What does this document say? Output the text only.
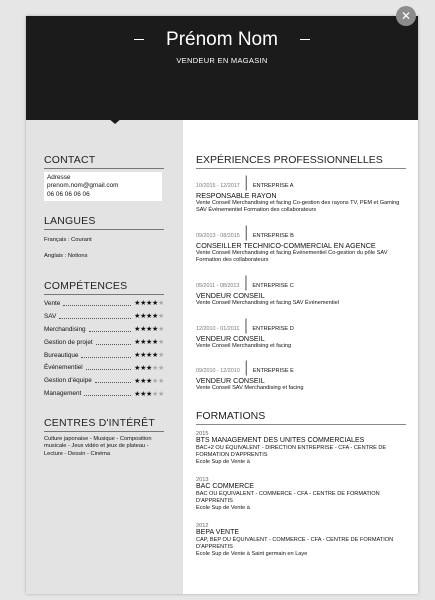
Prénom Nom
VENDEUR EN MAGASIN
CONTACT
Adresse
prenom.nom@gmail.com
06 06 06 06 06
LANGUES
Français : Courant
Anglais : Notions
COMPÉTENCES
Vente	★★★★★
SAV	★★★★★
Merchandising	★★★★★
Gestion de projet	★★★★★
Bureautique	★★★★★
Événementiel	★★★★★
Gestion d'équipe	★★★★★
Management	★★★★★
CENTRES D'INTÉRÊT
Culture japonaise - Musique - Composition musicale - Jeux vidéo et jeux de plateau - Lecture - Dessin - Cinéma
EXPÉRIENCES PROFESSIONNELLES
10/2015 - 12/2017 | ENTREPRISE A
RESPONSABLE RAYON
Vente Conseil Merchandising et facing Co-gestion des rayons TV, PEM et Gaming SAV Événementiel Formation des collaborateurs
09/2013 - 08/2015 | ENTREPRISE B
CONSEILLER TECHNICO-COMMERCIAL EN AGENCE
Vente Conseil Merchandising et facing Événementiel Co-gestion du pôle SAV Formation des collaborateurs
05/2011 - 08/2013 | ENTREPRISE C
VENDEUR CONSEIL
Vente Conseil Merchandising et facing SAV Événementiel
12/2010 - 01/2011 | ENTREPRISE D
VENDEUR CONSEIL
Vente Conseil Merchandising et facing
09/2010 - 12/2010 | ENTREPRISE E
VENDEUR CONSEIL
Vente Conseil SAV Merchandising et facing
FORMATIONS
2015
BTS MANAGEMENT DES UNITES COMMERCIALES
BAC+2 OU ÉQUIVALENT - DIRECTION ENTREPRISE - CFA - CENTRE DE FORMATION D'APPRENTIS
Ecole Sup de Vente à
2013
BAC COMMERCE
BAC OU ÉQUIVALENT - COMMERCE - CFA - CENTRE DE FORMATION D'APPRENTIS
Ecole Sup de Vente à
2012
BEPA VENTE
CAP, BEP OU ÉQUIVALENT - COMMERCE - CFA - CENTRE DE FORMATION D'APPRENTIS
Ecole Sup de Vente à Saint germain en Laye
✕
